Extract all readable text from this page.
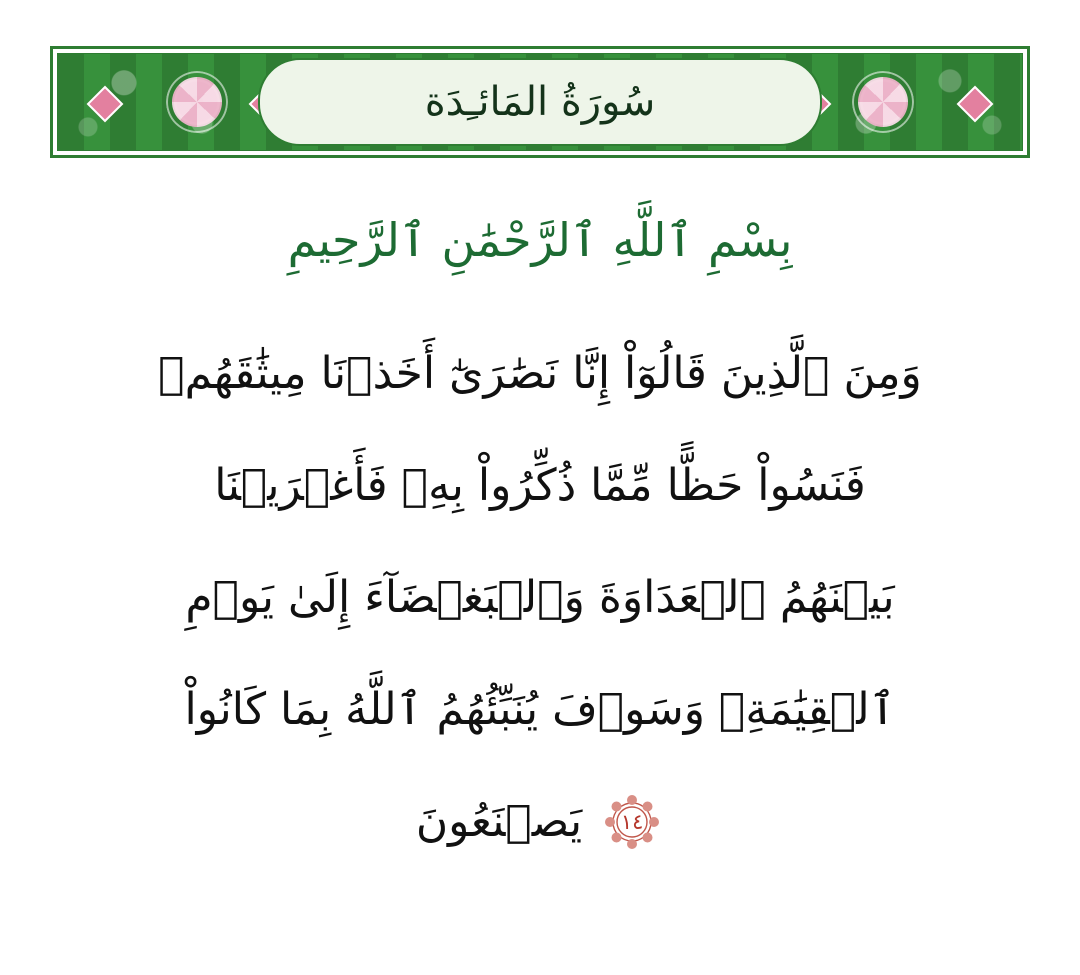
سُورَةُ المَائـِدَة
بِسْمِ ٱللَّهِ ٱلرَّحْمَٰنِ ٱلرَّحِيمِ
وَمِنَ ٱلَّذِينَ قَالُوٓاْ إِنَّا نَصَٰرَىٰٓ أَخَذۡنَا مِيثَٰقَهُمۡ
فَنَسُواْ حَظًّا مِّمَّا ذُكِّرُواْ بِهِۦ فَأَغۡرَيۡنَا
بَيۡنَهُمُ ٱلۡعَدَاوَةَ وَٱلۡبَغۡضَآءَ إِلَىٰ يَوۡمِ
ٱلۡقِيَٰمَةِۚ وَسَوۡفَ يُنَبِّئُهُمُ ٱللَّهُ بِمَا كَانُواْ
١٤
يَصۡنَعُونَ
